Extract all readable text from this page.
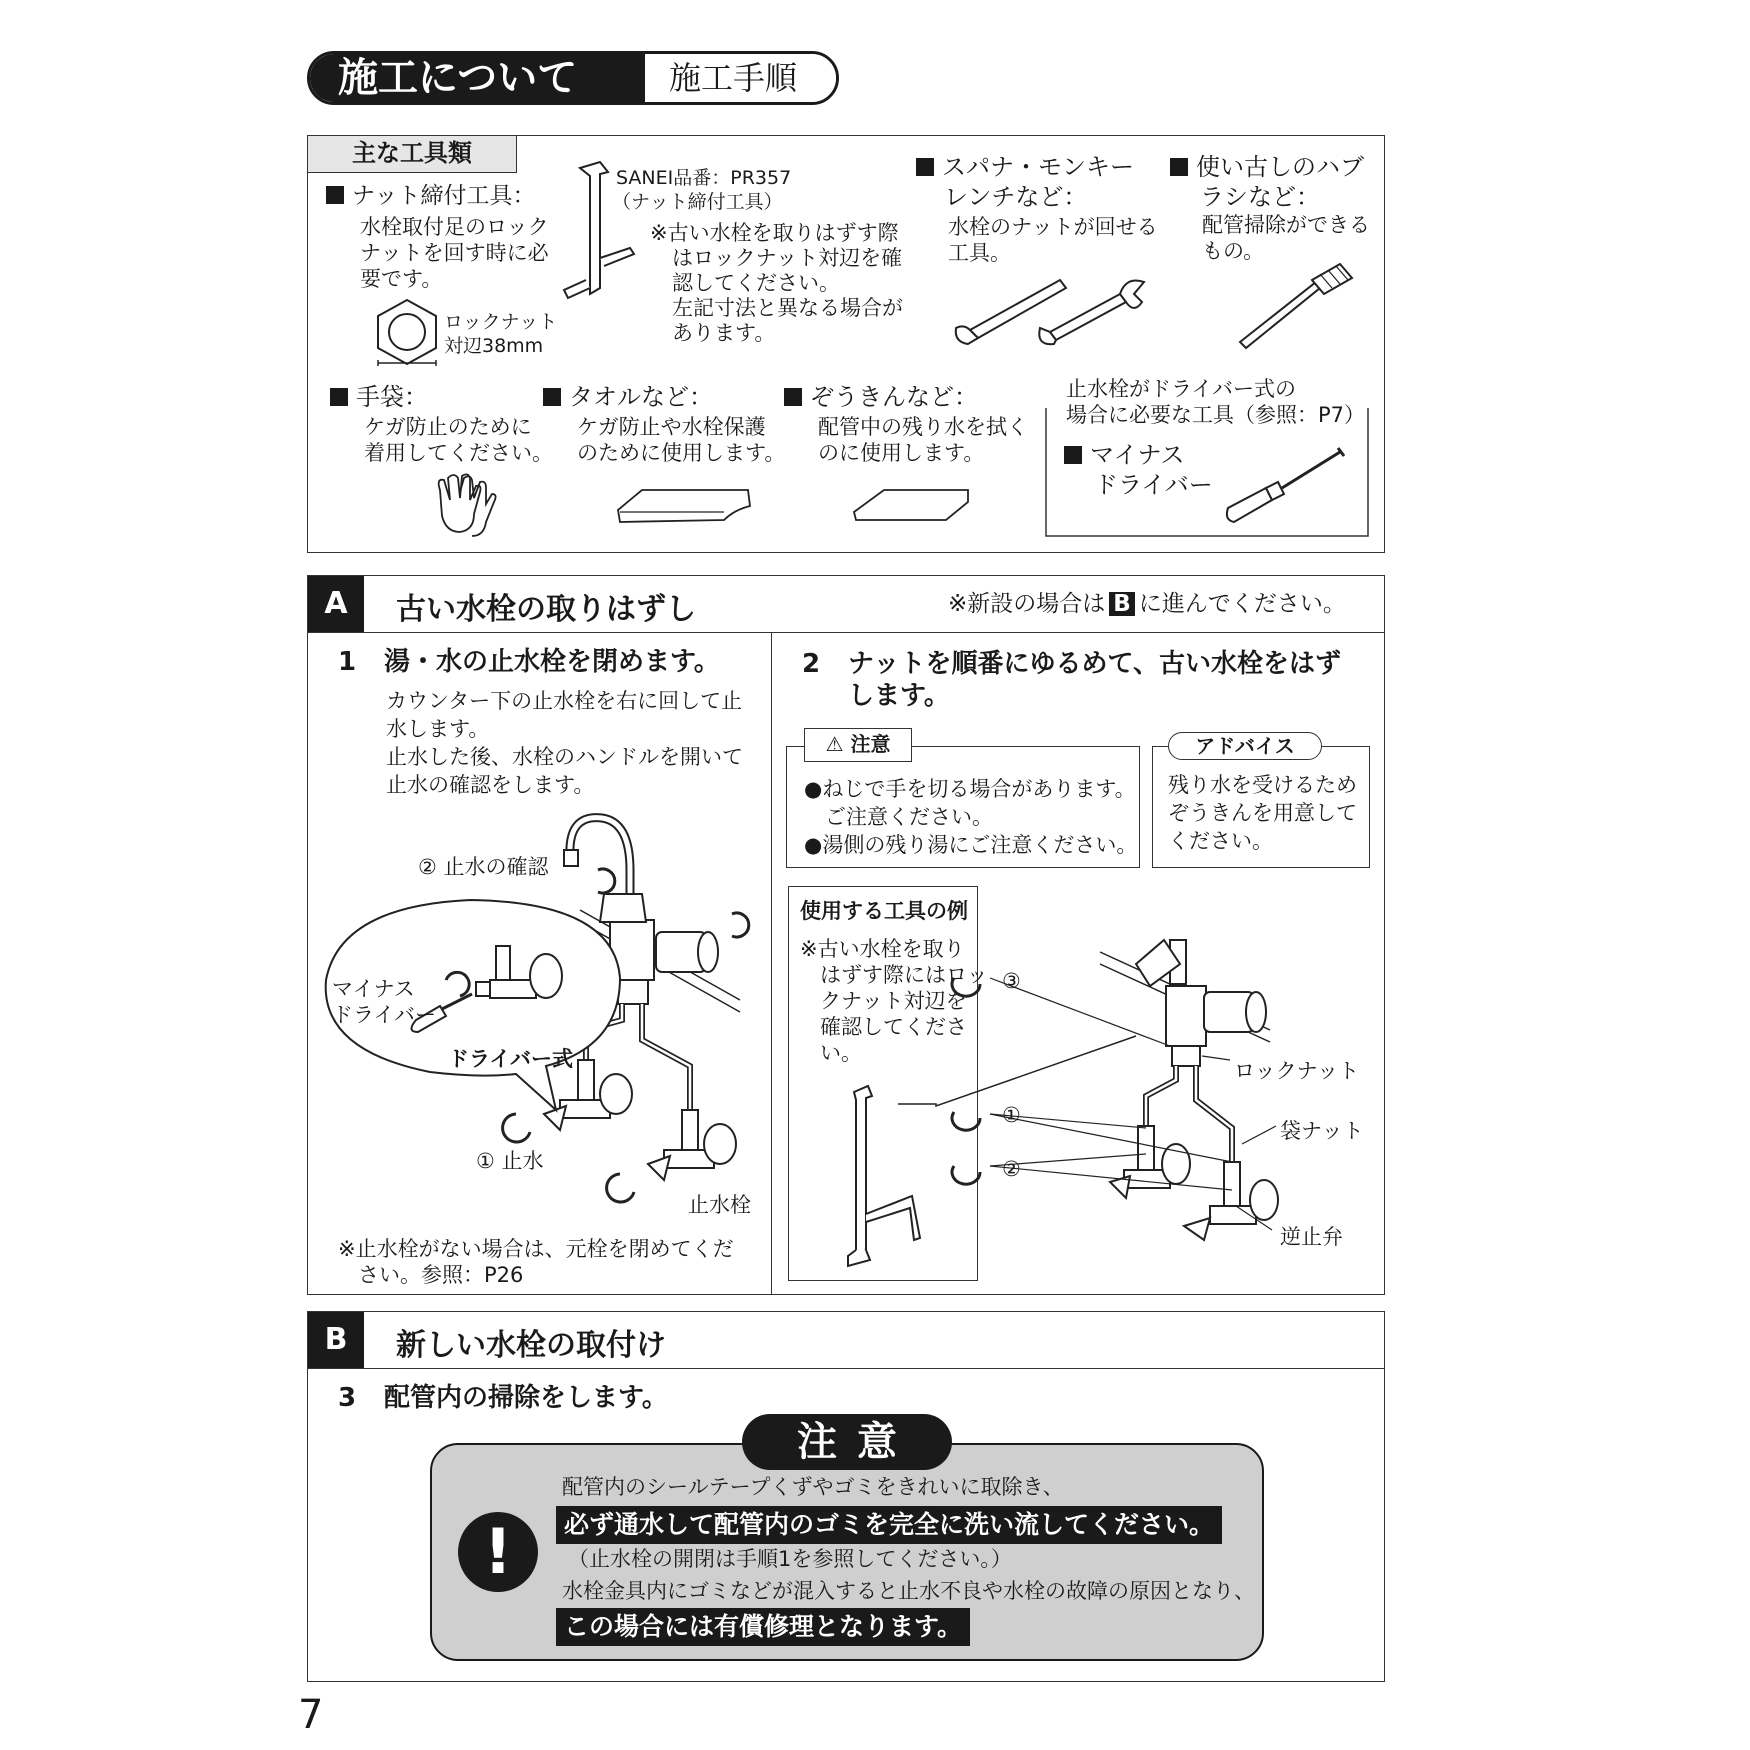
施工について	施工手順
主な工具類
ナット締付工具：
水栓取付足のロック
ナットを回す時に必
要です。
ロックナット
対辺38mm
SANEI品番：PR357
（ナット締付工具）
※古い水栓を取りはずす際
はロックナット対辺を確
認してください。
左記寸法と異なる場合が
あります。
スパナ・モンキー
レンチなど：
水栓のナットが回せる
工具。
使い古しのハブ
ラシなど：
配管掃除ができる
もの。
手袋：
ケガ防止のために
着用してください。
タオルなど：
ケガ防止や水栓保護
のために使用します。
ぞうきんなど：
配管中の残り水を拭く
のに使用します。
止水栓がドライバー式の
場合に必要な工具（参照：P7）
マイナス
ドライバー
A	古い水栓の取りはずし	※新設の場合は B に進んでください。
1 湯・水の止水栓を閉めます。
カウンター下の止水栓を右に回して止
水します。
止水した後、水栓のハンドルを開いて
止水の確認をします。
② 止水の確認
マイナス
ドライバー
ドライバー式
① 止水
止水栓
※止水栓がない場合は、元栓を閉めてくだ
さい。参照：P26
2 ナットを順番にゆるめて、古い水栓をはず
します。
⚠ 注意
●ねじで手を切る場合があります。
　ご注意ください。
●湯側の残り湯にご注意ください。
アドバイス
残り水を受けるため
ぞうきんを用意して
ください。
使用する工具の例
※古い水栓を取り
はずす際にはロッ
クナット対辺を
確認してくださ
い。
③
①
②
ロックナット
袋ナット
逆止弁
B	新しい水栓の取付け
3 配管内の掃除をします。
注意
!
配管内のシールテープくずやゴミをきれいに取除き、
必ず通水して配管内のゴミを完全に洗い流してください。
（止水栓の開閉は手順1を参照してください。）
水栓金具内にゴミなどが混入すると止水不良や水栓の故障の原因となり、
この場合には有償修理となります。
7
